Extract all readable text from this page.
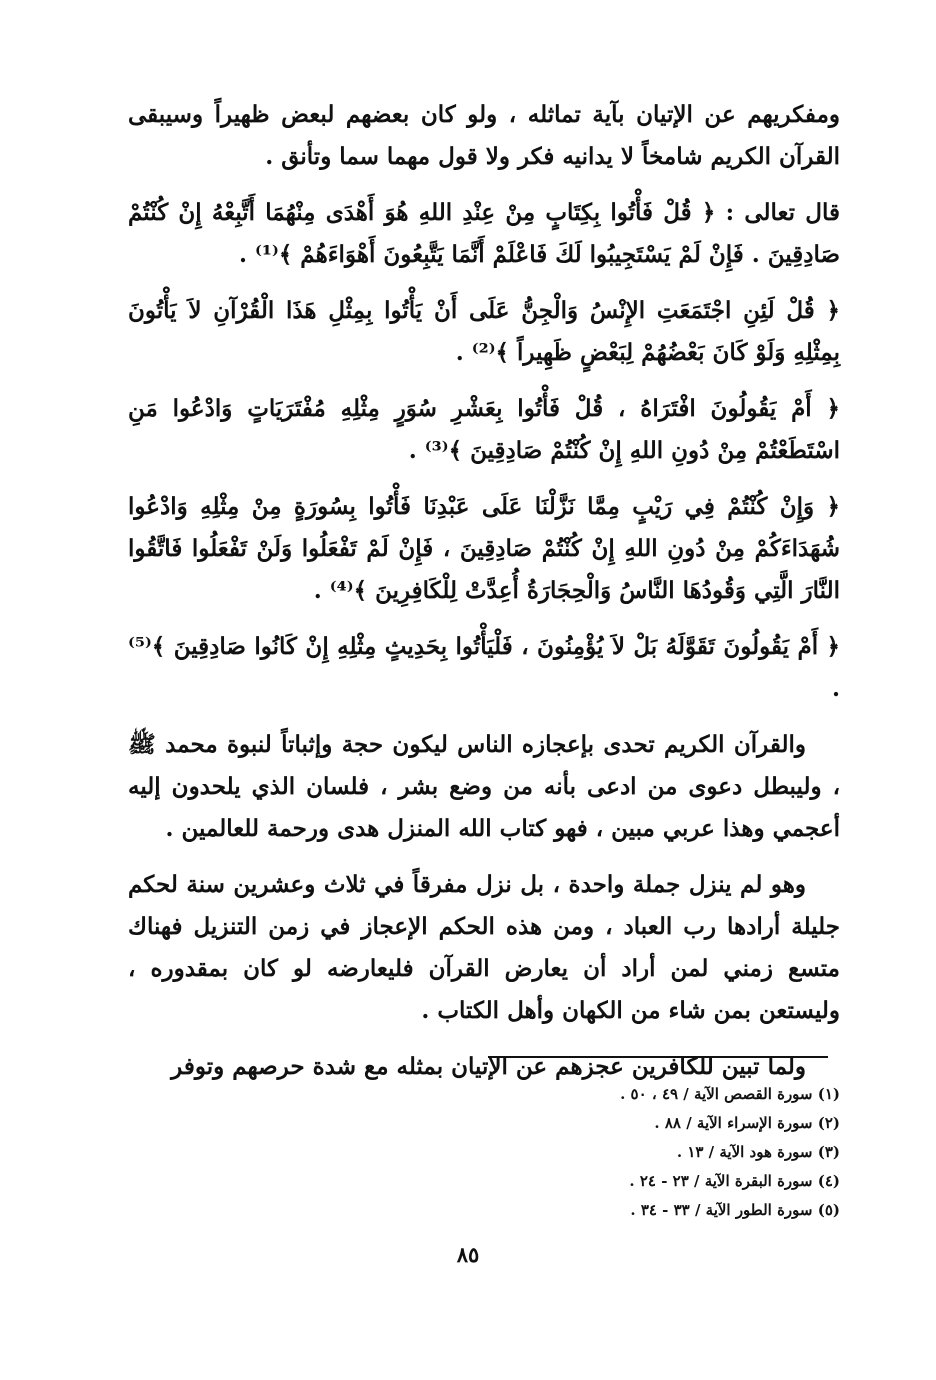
ومفكريهم عن الإتيان بآية تماثله ، ولو كان بعضهم لبعض ظهيراً وسيبقى القرآن الكريم شامخاً لا يدانيه فكر ولا قول مهما سما وتأنق .

قال تعالى : ﴿ قُلْ فَأْتُوا بِكِتَابٍ مِنْ عِنْدِ اللهِ هُوَ أَهْدَى مِنْهُمَا أَتَّبِعْهُ إِنْ كُنْتُمْ صَادِقِينَ . فَإِنْ لَمْ يَسْتَجِيبُوا لَكَ فَاعْلَمْ أَنَّمَا يَتَّبِعُونَ أَهْوَاءَهُمْ ﴾⁽¹⁾ .

﴿ قُلْ لَئِنِ اجْتَمَعَتِ الإِنْسُ وَالْجِنُّ عَلَى أَنْ يَأْتُوا بِمِثْلِ هَذَا الْقُرْآنِ لاَ يَأْتُونَ بِمِثْلِهِ وَلَوْ كَانَ بَعْضُهُمْ لِبَعْضٍ ظَهِيراً ﴾⁽²⁾ .

﴿ أَمْ يَقُولُونَ افْتَرَاهُ ، قُلْ فَأْتُوا بِعَشْرِ سُوَرٍ مِثْلِهِ مُفْتَرَيَاتٍ وَادْعُوا مَنِ اسْتَطَعْتُمْ مِنْ دُونِ اللهِ إِنْ كُنْتُمْ صَادِقِينَ ﴾⁽³⁾ .

﴿ وَإِنْ كُنْتُمْ فِي رَيْبٍ مِمَّا نَزَّلْنَا عَلَى عَبْدِنَا فَأْتُوا بِسُورَةٍ مِنْ مِثْلِهِ وَادْعُوا شُهَدَاءَكُمْ مِنْ دُونِ اللهِ إِنْ كُنْتُمْ صَادِقِينَ ، فَإِنْ لَمْ تَفْعَلُوا وَلَنْ تَفْعَلُوا فَاتَّقُوا النَّارَ الَّتِي وَقُودُهَا النَّاسُ وَالْحِجَارَةُ أُعِدَّتْ لِلْكَافِرِينَ ﴾⁽⁴⁾ .

﴿ أَمْ يَقُولُونَ تَقَوَّلَهُ بَلْ لاَ يُؤْمِنُونَ ، فَلْيَأْتُوا بِحَدِيثٍ مِثْلِهِ إِنْ كَانُوا صَادِقِينَ ﴾⁽⁵⁾ .

والقرآن الكريم تحدى بإعجازه الناس ليكون حجة وإثباتاً لنبوة محمد ﷺ ، وليبطل دعوى من ادعى بأنه من وضع بشر ، فلسان الذي يلحدون إليه أعجمي وهذا عربي مبين ، فهو كتاب الله المنزل هدى ورحمة للعالمين .

وهو لم ينزل جملة واحدة ، بل نزل مفرقاً في ثلاث وعشرين سنة لحكم جليلة أرادها رب العباد ، ومن هذه الحكم الإعجاز في زمن التنزيل فهناك متسع زمني لمن أراد أن يعارض القرآن فليعارضه لو كان بمقدوره ، وليستعن بمن شاء من الكهان وأهل الكتاب .

ولما تبين للكافرين عجزهم عن الإتيان بمثله مع شدة حرصهم وتوفر

(١) سورة القصص الآية / ٤٩ ، ٥٠ .
(٢) سورة الإسراء الآية / ٨٨ .
(٣) سورة هود الآية / ١٣ .
(٤) سورة البقرة الآية / ٢٣ - ٢٤ .
(٥) سورة الطور الآية / ٣٣ - ٣٤ .
٨٥
